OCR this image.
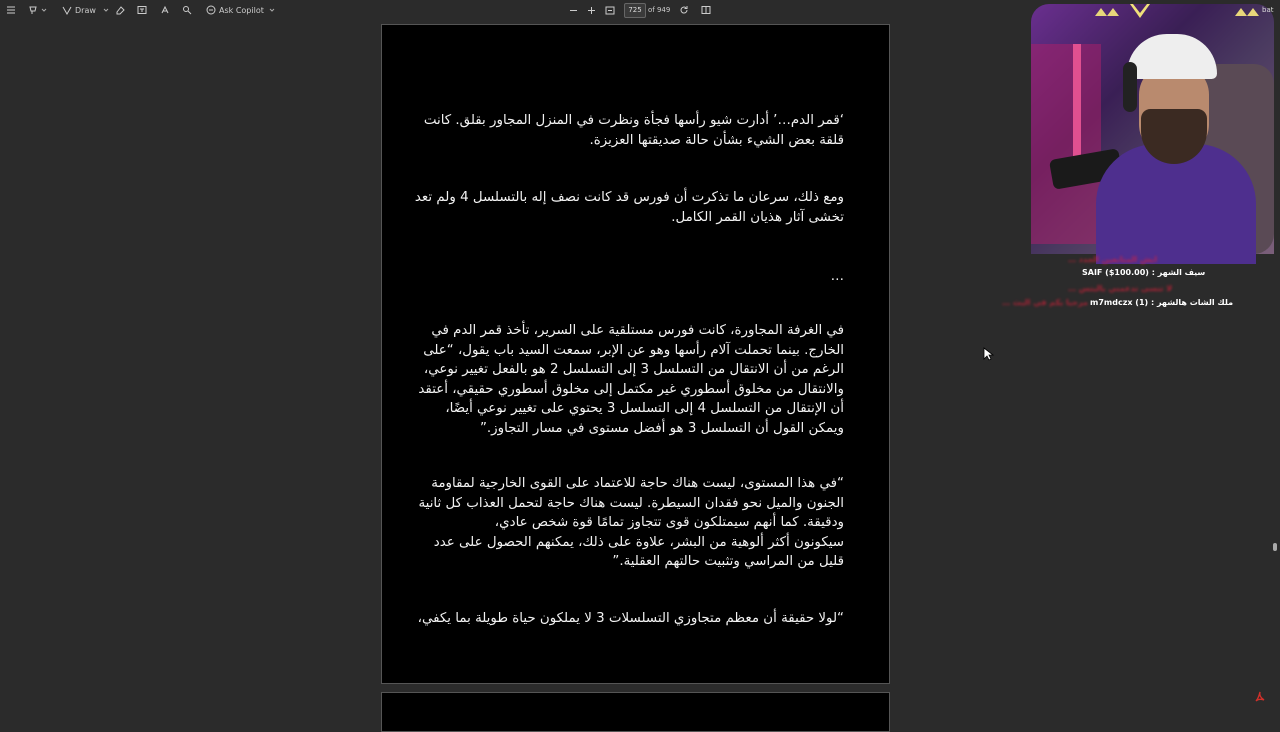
Draw	Ask Copilot	725 of 949
‘قمر الدم…’ أدارت شيو رأسها فجأة ونظرت في المنزل المجاور بقلق. كانت
قلقة بعض الشيء بشأن حالة صديقتها العزيزة.
ومع ذلك، سرعان ما تذكرت أن فورس قد كانت نصف إله بالتسلسل 4 ولم تعد
تخشى آثار هذيان القمر الكامل.
…
في الغرفة المجاورة، كانت فورس مستلقية على السرير، تأخذ قمر الدم في
الخارج. بينما تحملت آلام رأسها وهو عن الإبر، سمعت السيد باب يقول، “على
الرغم من أن الانتقال من التسلسل 3 إلى التسلسل 2 هو بالفعل تغيير نوعي،
والانتقال من مخلوق أسطوري غير مكتمل إلى مخلوق أسطوري حقيقي، أعتقد
أن الإنتقال من التسلسل 4 إلى التسلسل 3 يحتوي على تغيير نوعي أيضًا،
ويمكن القول أن التسلسل 3 هو أفضل مستوى في مسار التجاوز.”
“في هذا المستوى، ليست هناك حاجة للاعتماد على القوى الخارجية لمقاومة
الجنون والميل نحو فقدان السيطرة. ليست هناك حاجة لتحمل العذاب كل ثانية
ودقيقة. كما أنهم سيمتلكون قوى تتجاوز تمامًا قوة شخص عادي،
سيكونون أكثر ألوهية من البشر، علاوة على ذلك، يمكنهم الحصول على عدد
قليل من المراسي وتثبيت حالتهم العقلية.”
“لولا حقيقة أن معظم متجاوزي التسلسلات 3 لا يملكون حياة طويلة بما يكفي،
bat
ايش المتابعين الجدد …
سيف الشهر : SAIF ($100.00)
لا تنسى تدعمني بالبتس …
مرحبا بكم في البث … ملك الشات هالشهر : m7mdczx (1)
